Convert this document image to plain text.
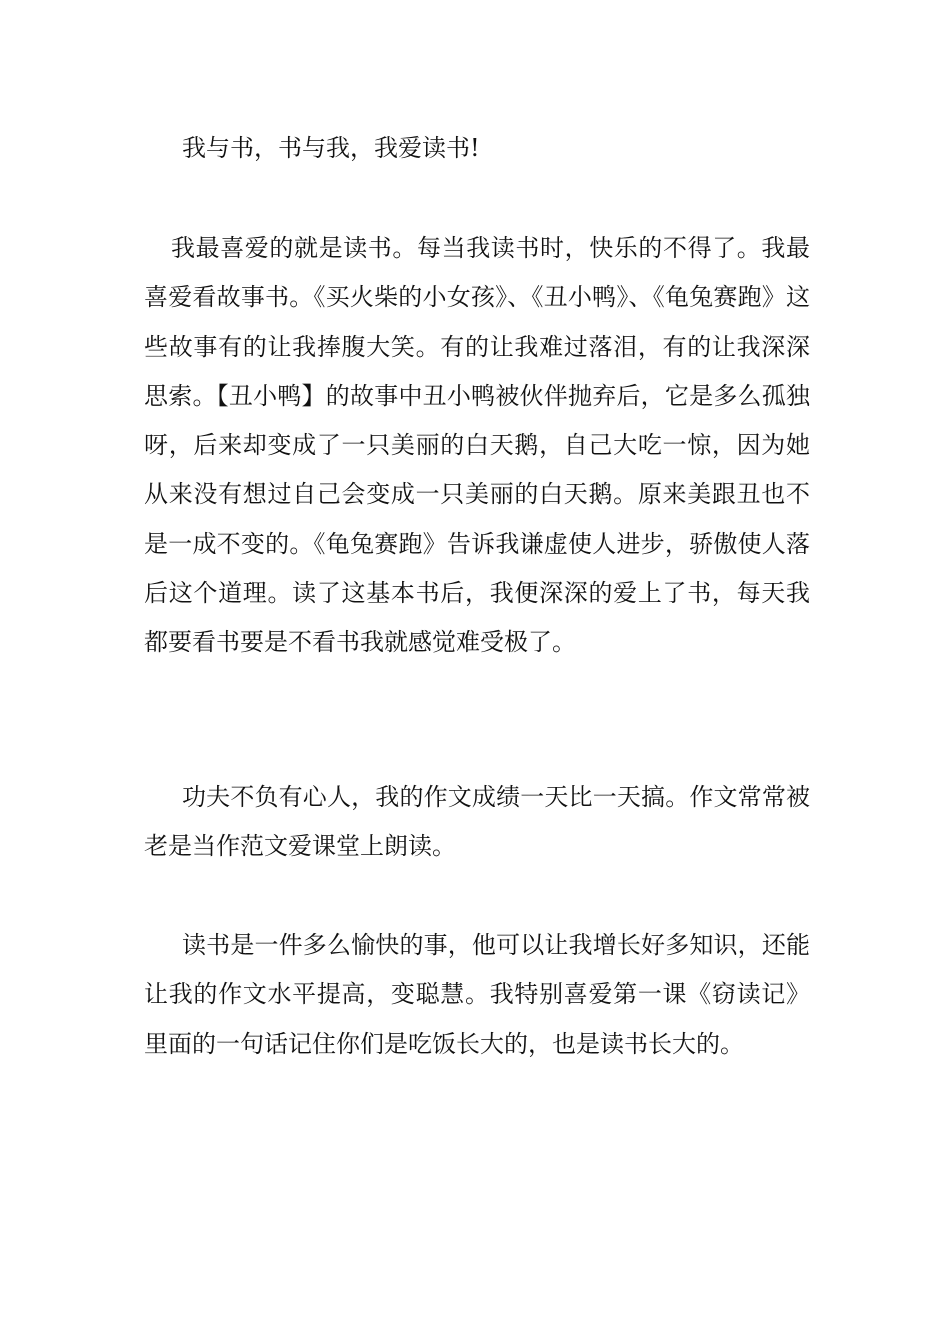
我与书，书与我，我爱读书!

我最喜爱的就是读书。每当我读书时，快乐的不得了。我最喜爱看故事书。《买火柴的小女孩》、《丑小鸭》、《龟兔赛跑》这些故事有的让我捧腹大笑。有的让我难过落泪，有的让我深深思索。【丑小鸭】的故事中丑小鸭被伙伴抛弃后，它是多么孤独呀，后来却变成了一只美丽的白天鹅，自己大吃一惊，因为她从来没有想过自己会变成一只美丽的白天鹅。原来美跟丑也不是一成不变的。《龟兔赛跑》告诉我谦虚使人进步，骄傲使人落后这个道理。读了这基本书后，我便深深的爱上了书，每天我都要看书要是不看书我就感觉难受极了。

功夫不负有心人，我的作文成绩一天比一天搞。作文常常被老是当作范文爱课堂上朗读。

读书是一件多么愉快的事，他可以让我增长好多知识，还能让我的作文水平提高，变聪慧。我特别喜爱第一课《窃读记》里面的一句话记住你们是吃饭长大的，也是读书长大的。
